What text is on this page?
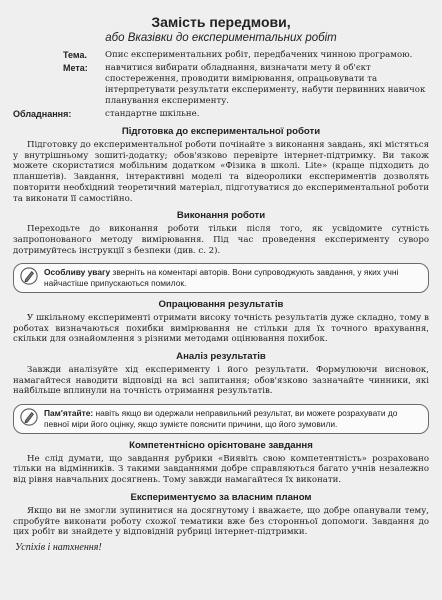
Замість передмови,
або Вказівки до експериментальних робіт
Тема.	Опис експериментальних робіт, передбачених чинною програмою.
Мета:	навчитися вибирати обладнання, визначати мету й об'єкт спостереження, проводити вимірювання, опрацьовувати та інтерпретувати результати експерименту, набути первинних навичок планування експерименту.
Обладнання:	стандартне шкільне.
Підготовка до експериментальної роботи

Підготовку до експериментальної роботи почінайте з виконання завдань, які містяться у внутрішньому зошиті-додатку; обов'язково перевірте інтернет-підтримку. Ви також можете скористатися мобільним додатком «Фізика в школі. Lite» (краще підходить до планшетів). Завдання, інтерактивні моделі та відеоролики експериментів дозволять повторити необхідний теоретичний матеріал, підготуватися до експериментальної роботи та виконати її самостійно.

Виконання роботи

Переходьте до виконання роботи тільки після того, як усвідомите сутність запропонованого методу вимірювання. Під час проведення експерименту суворо дотримуйтесь інструкції з безпеки (див. с. 2).

Особливу увагу зверніть на коментарі авторів. Вони супроводжують завдання, у яких учні найчастіше припускаються помилок.
Опрацювання результатів

У шкільному експерименті отримати високу точність результатів дуже складно, тому в роботах визначаються похибки вимірювання не стільки для їх точного врахування, скільки для ознайомлення з різними методами оцінювання похибок.

Аналіз результатів

Завжди аналізуйте хід експерименту і його результати. Формулюючи висновок, намагайтеся наводити відповіді на всі запитання; обов'язково зазначайте чинники, які найбільше вплинули на точність отримання результатів.

Пам'ятайте: навіть якщо ви одержали неправильний результат, ви можете розрахувати до певної міри його оцінку, якщо зумієте пояснити причини, що його зумовили.
Компетентнісно орієнтоване завдання

Не слід думати, що завдання рубрики «Виявіть свою компетентність» розраховано тільки на відмінників. З такими завданнями добре справляються багато учнів незалежно від рівня навчальних досягнень. Тому завжди намагайтеся їх виконати.

Експериментуємо за власним планом

Якщо ви не змогли зупинитися на досягнутому і вважаєте, що добре опанували тему, спробуйте виконати роботу схожої тематики вже без сторонньої допомоги. Завдання до цих робіт ви знайдете у відповідній рубриці інтернет-підтримки.

Успіхів і натхнення!
